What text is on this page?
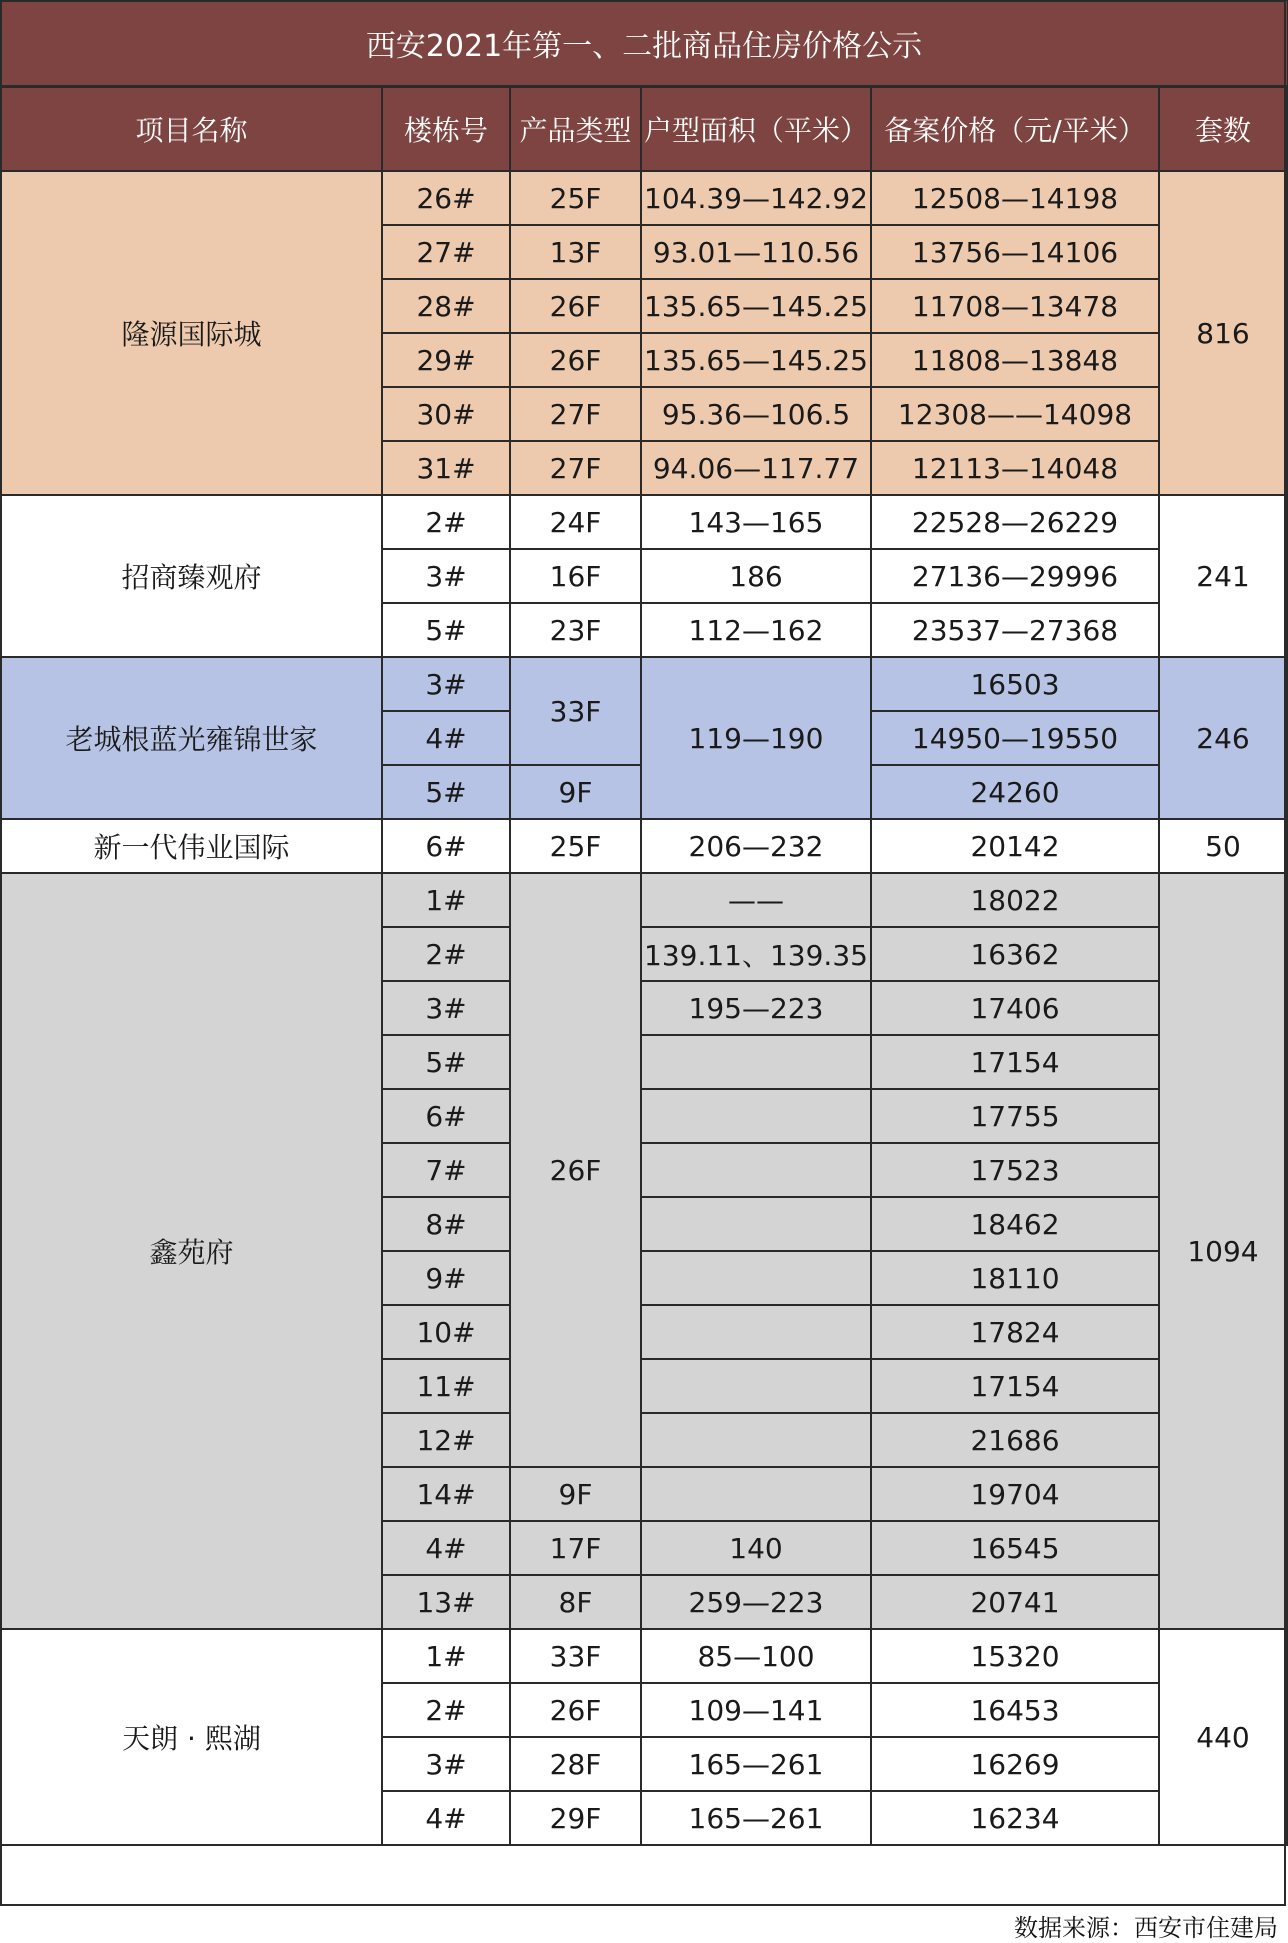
西安2021年第一、二批商品住房价格公示
项目名称	楼栋号	产品类型	户型面积（平米）	备案价格（元/平米）	套数
隆源国际城	26#	25F	104.39—142.92	12508—14198	816
	27#	13F	93.01—110.56	13756—14106	
	28#	26F	135.65—145.25	11708—13478	
	29#	26F	135.65—145.25	11808—13848	
	30#	27F	95.36—106.5	12308——14098	
	31#	27F	94.06—117.77	12113—14048	
招商臻观府	2#	24F	143—165	22528—26229	241
	3#	16F	186	27136—29996	
	5#	23F	112—162	23537—27368	
老城根蓝光雍锦世家	3#	33F	119—190	16503	246
	4#			14950—19550	
	5#	9F		24260	
新一代伟业国际	6#	25F	206—232	20142	50
鑫苑府	1#	26F	——	18022	1094
	2#		139.11、139.35	16362	
	3#		195—223	17406	
	5#			17154	
	6#			17755	
	7#			17523	
	8#			18462	
	9#			18110	
	10#			17824	
	11#			17154	
	12#			21686	
	14#	9F		19704	
	4#	17F	140	16545	
	13#	8F	259—223	20741	
天朗 · 熙湖	1#	33F	85—100	15320	440
	2#	26F	109—141	16453	
	3#	28F	165—261	16269	
	4#	29F	165—261	16234	
数据来源：西安市住建局
